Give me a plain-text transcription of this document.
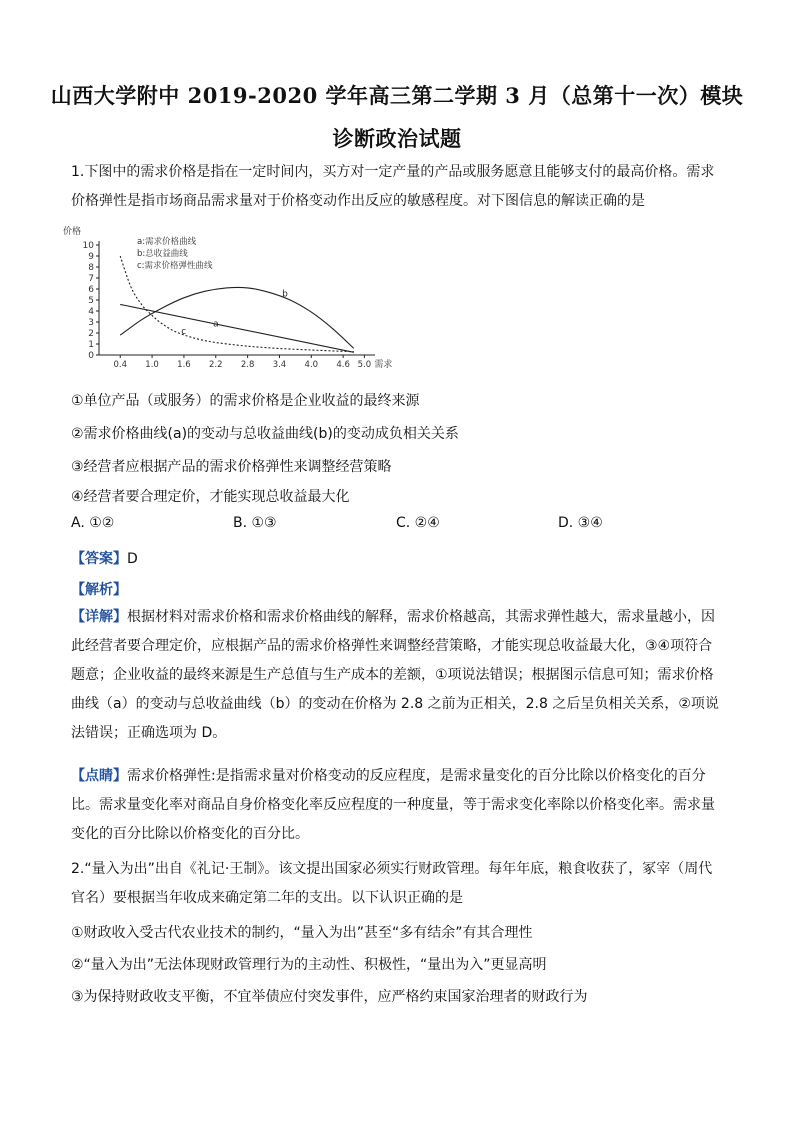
山西大学附中 2019-2020 学年高三第二学期 3 月（总第十一次）模块
诊断政治试题

1.下图中的需求价格是指在一定时间内，买方对一定产量的产品或服务愿意且能够支付的最高价格。需求价格弹性是指市场商品需求量对于价格变动作出反应的敏感程度。对下图信息的解读正确的是

价格
0
1
2
3
4
5
6
7
8
9
10
0.4 1.0 1.6 2.2 2.8 3.4 4.0 4.6 5.0 需求
a
b
c
a:需求价格曲线
b:总收益曲线
c:需求价格弹性曲线
①单位产品（或服务）的需求价格是企业收益的最终来源
②需求价格曲线(a)的变动与总收益曲线(b)的变动成负相关关系
③经营者应根据产品的需求价格弹性来调整经营策略
④经营者要合理定价，才能实现总收益最大化
A. ①②	B. ①③	C. ②④	D. ③④
【答案】D
【解析】

【详解】根据材料对需求价格和需求价格曲线的解释，需求价格越高，其需求弹性越大，需求量越小，因此经营者要合理定价，应根据产品的需求价格弹性来调整经营策略，才能实现总收益最大化，③④项符合题意；企业收益的最终来源是生产总值与生产成本的差额，①项说法错误；根据图示信息可知；需求价格曲线（a）的变动与总收益曲线（b）的变动在价格为 2.8 之前为正相关，2.8 之后呈负相关关系，②项说法错误；正确选项为 D。

【点睛】需求价格弹性:是指需求量对价格变动的反应程度，是需求量变化的百分比除以价格变化的百分比。需求量变化率对商品自身价格变化率反应程度的一种度量，等于需求变化率除以价格变化率。需求量变化的百分比除以价格变化的百分比。

2.“量入为出”出自《礼记·王制》。该文提出国家必须实行财政管理。每年年底，粮食收获了，冢宰（周代官名）要根据当年收成来确定第二年的支出。以下认识正确的是

①财政收入受古代农业技术的制约，“量入为出”甚至“多有结余”有其合理性
②“量入为出”无法体现财政管理行为的主动性、积极性，“量出为入”更显高明
③为保持财政收支平衡，不宜举债应付突发事件，应严格约束国家治理者的财政行为
